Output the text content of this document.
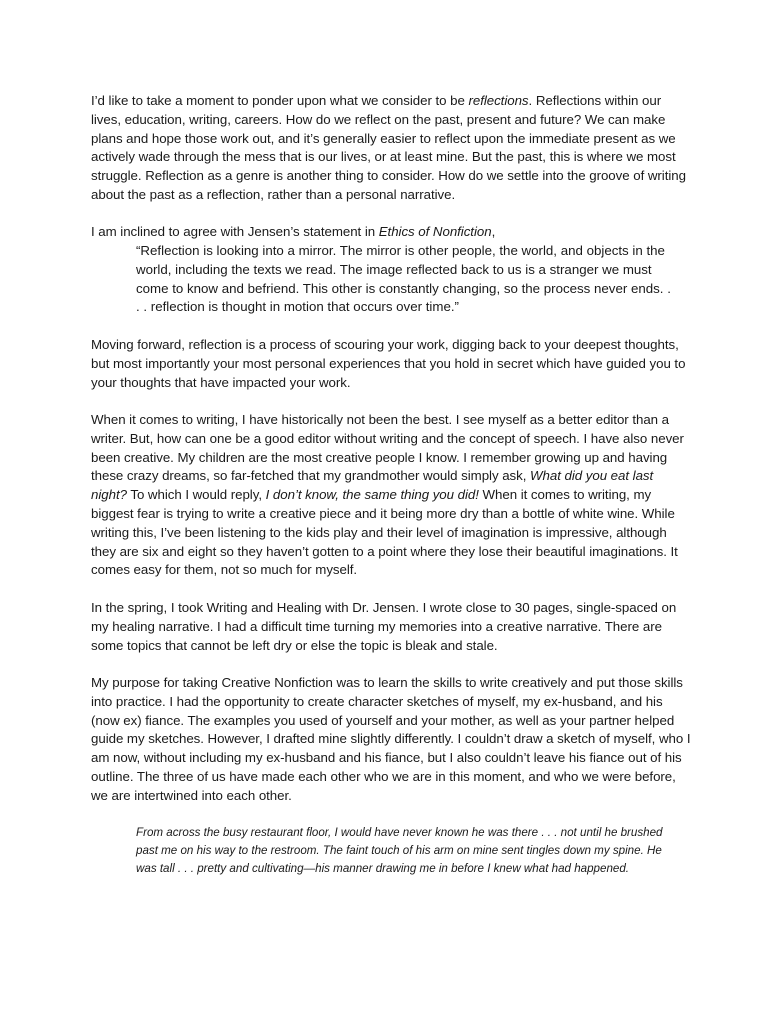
I’d like to take a moment to ponder upon what we consider to be reflections. Reflections within our lives, education, writing, careers. How do we reflect on the past, present and future? We can make plans and hope those work out, and it’s generally easier to reflect upon the immediate present as we actively wade through the mess that is our lives, or at least mine. But the past, this is where we most struggle. Reflection as a genre is another thing to consider. How do we settle into the groove of writing about the past as a reflection, rather than a personal narrative.

I am inclined to agree with Jensen’s statement in Ethics of Nonfiction,

“Reflection is looking into a mirror. The mirror is other people, the world, and objects in the world, including the texts we read. The image reflected back to us is a stranger we must come to know and befriend. This other is constantly changing, so the process never ends. . . . reflection is thought in motion that occurs over time.”

Moving forward, reflection is a process of scouring your work, digging back to your deepest thoughts, but most importantly your most personal experiences that you hold in secret which have guided you to your thoughts that have impacted your work.

When it comes to writing, I have historically not been the best. I see myself as a better editor than a writer. But, how can one be a good editor without writing and the concept of speech. I have also never been creative. My children are the most creative people I know. I remember growing up and having these crazy dreams, so far-fetched that my grandmother would simply ask, What did you eat last night? To which I would reply, I don’t know, the same thing you did! When it comes to writing, my biggest fear is trying to write a creative piece and it being more dry than a bottle of white wine. While writing this, I’ve been listening to the kids play and their level of imagination is impressive, although they are six and eight so they haven’t gotten to a point where they lose their beautiful imaginations. It comes easy for them, not so much for myself.

In the spring, I took Writing and Healing with Dr. Jensen. I wrote close to 30 pages, single-spaced on my healing narrative. I had a difficult time turning my memories into a creative narrative. There are some topics that cannot be left dry or else the topic is bleak and stale.

My purpose for taking Creative Nonfiction was to learn the skills to write creatively and put those skills into practice. I had the opportunity to create character sketches of myself, my ex-husband, and his (now ex) fiance. The examples you used of yourself and your mother, as well as your partner helped guide my sketches. However, I drafted mine slightly differently. I couldn’t draw a sketch of myself, who I am now, without including my ex-husband and his fiance, but I also couldn’t leave his fiance out of his outline. The three of us have made each other who we are in this moment, and who we were before, we are intertwined into each other.

From across the busy restaurant floor, I would have never known he was there . . . not until he brushed past me on his way to the restroom. The faint touch of his arm on mine sent tingles down my spine. He was tall . . . pretty and cultivating—his manner drawing me in before I knew what had happened.
